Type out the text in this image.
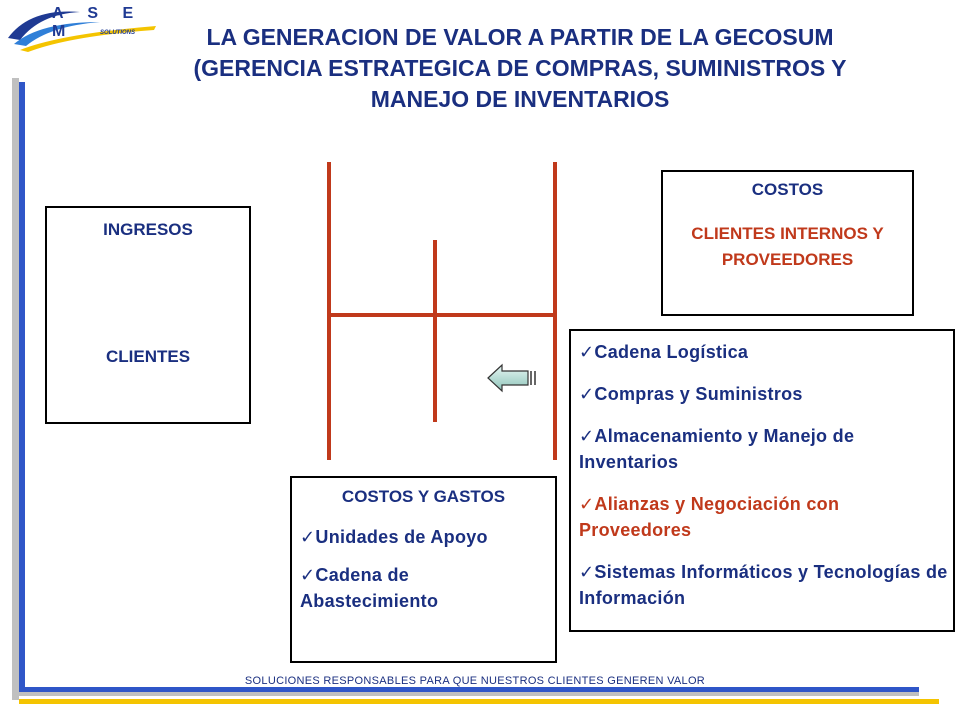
A S E M	SOLUTIONS	LA GENERACION DE VALOR A PARTIR DE LA GECOSUM (GERENCIA ESTRATEGICA DE COMPRAS, SUMINISTROS Y MANEJO DE INVENTARIOS
INGRESOS
CLIENTES
COSTOS
CLIENTES INTERNOS Y PROVEEDORES
✓Cadena Logística
✓Compras y Suministros
✓Almacenamiento y Manejo de Inventarios
✓Alianzas y Negociación con Proveedores
✓Sistemas Informáticos y Tecnologías de Información
COSTOS Y GASTOS
✓Unidades de Apoyo
✓Cadena de Abastecimiento
SOLUCIONES RESPONSABLES PARA QUE NUESTROS CLIENTES GENEREN VALOR
